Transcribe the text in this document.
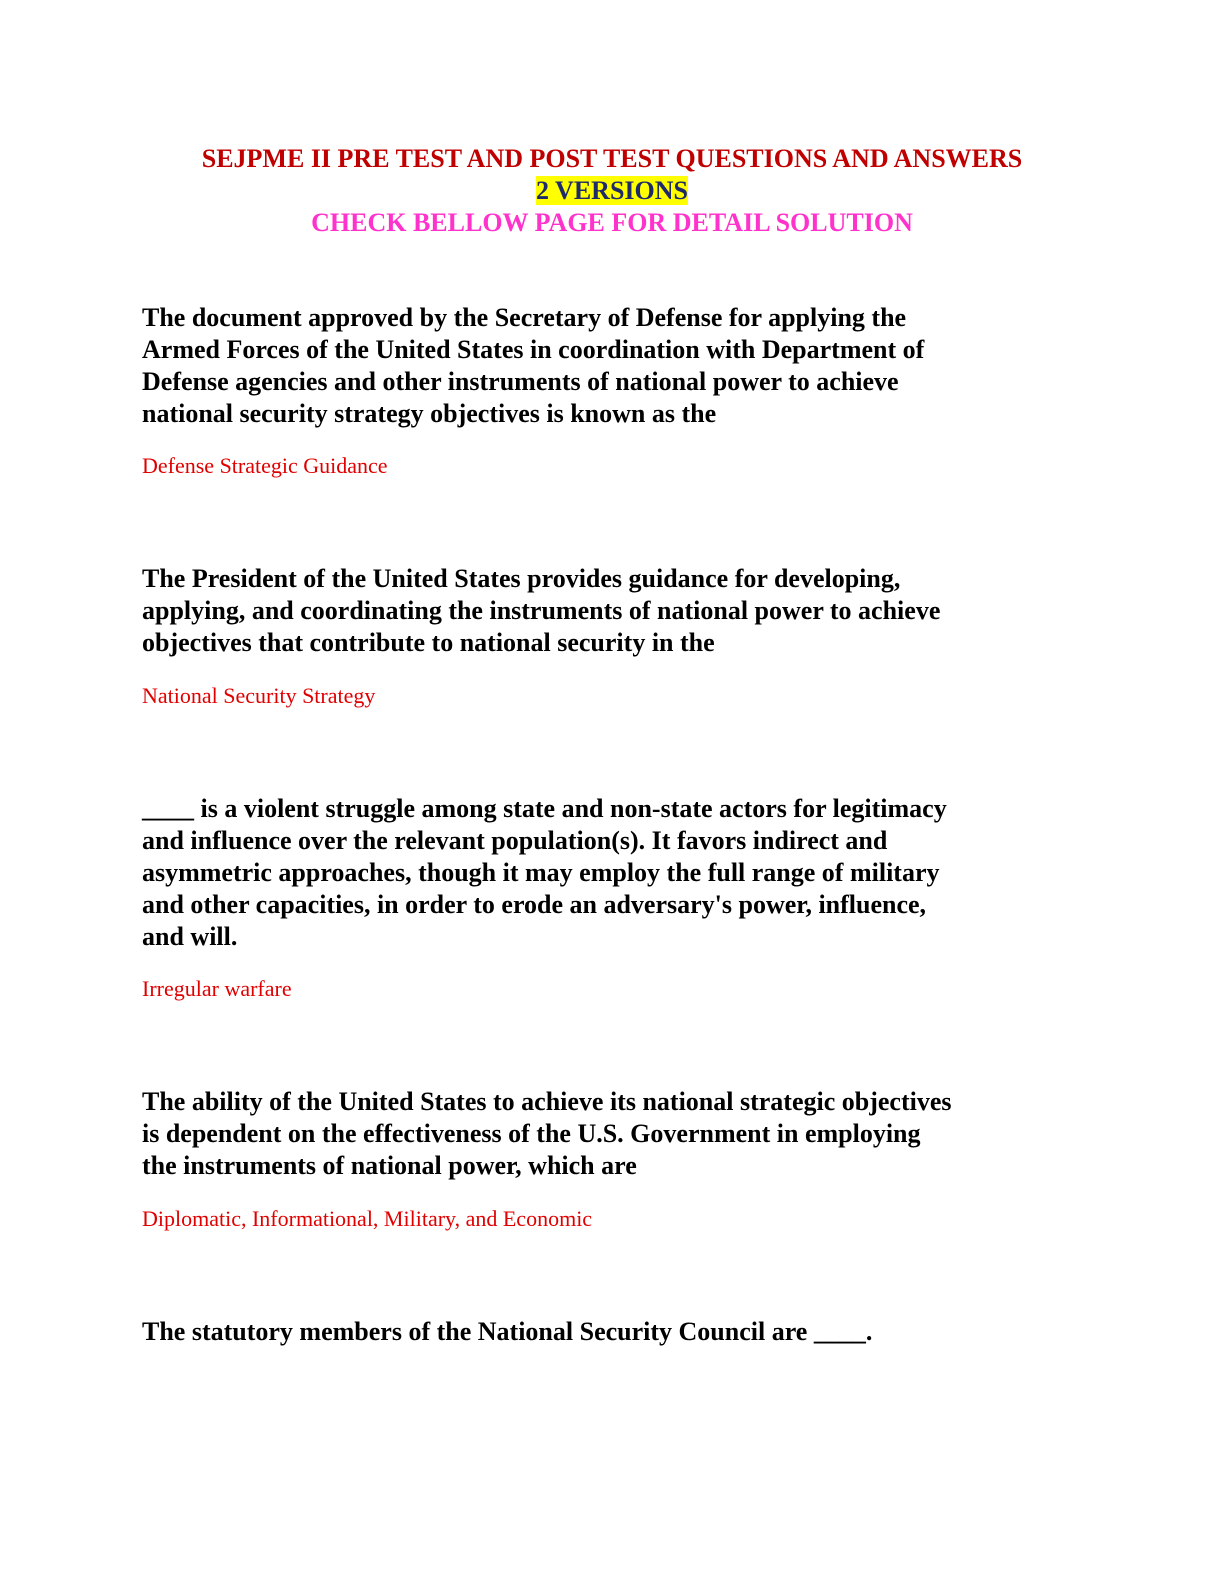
SEJPME II PRE TEST AND POST TEST QUESTIONS AND ANSWERS
2 VERSIONS
CHECK BELLOW PAGE FOR DETAIL SOLUTION

The document approved by the Secretary of Defense for applying the Armed Forces of the United States in coordination with Department of Defense agencies and other instruments of national power to achieve national security strategy objectives is known as the

Defense Strategic Guidance

The President of the United States provides guidance for developing, applying, and coordinating the instruments of national power to achieve objectives that contribute to national security in the

National Security Strategy

____ is a violent struggle among state and non-state actors for legitimacy and influence over the relevant population(s). It favors indirect and asymmetric approaches, though it may employ the full range of military and other capacities, in order to erode an adversary's power, influence, and will.

Irregular warfare

The ability of the United States to achieve its national strategic objectives is dependent on the effectiveness of the U.S. Government in employing the instruments of national power, which are

Diplomatic, Informational, Military, and Economic

The statutory members of the National Security Council are ____.
